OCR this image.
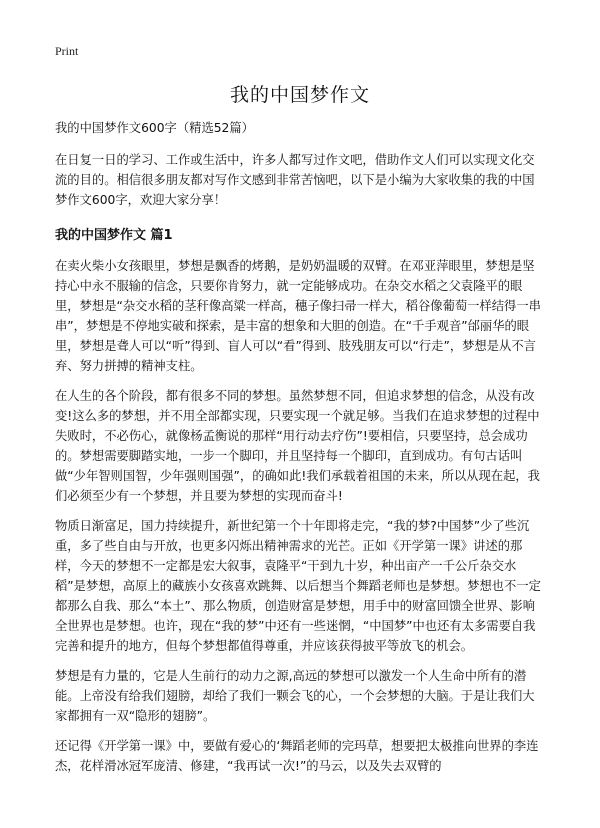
Print
我的中国梦作文

我的中国梦作文600字（精选52篇）

在日复一日的学习、工作或生活中，许多人都写过作文吧，借助作文人们可以实现文化交流的目的。相信很多朋友都对写作文感到非常苦恼吧，以下是小编为大家收集的我的中国梦作文600字，欢迎大家分享！

我的中国梦作文 篇1

在卖火柴小女孩眼里，梦想是飘香的烤鹅，是奶奶温暖的双臂。在邓亚萍眼里，梦想是坚持心中永不服输的信念，只要你肯努力，就一定能够成功。在杂交水稻之父袁隆平的眼里，梦想是“杂交水稻的茎秆像高粱一样高，穗子像扫帚一样大，稻谷像葡萄一样结得一串串”，梦想是不停地实破和探索，是丰富的想象和大胆的创造。在“千手观音”邰丽华的眼里，梦想是聋人可以“听”得到、盲人可以“看”得到、肢残朋友可以“行走”，梦想是从不言弃、努力拼搏的精神支柱。

在人生的各个阶段，都有很多不同的梦想。虽然梦想不同，但追求梦想的信念，从没有改变!这么多的梦想，并不用全部都实现，只要实现一个就足够。当我们在追求梦想的过程中失败时，不必伤心，就像杨孟衡说的那样“用行动去疗伤”!要相信，只要坚持，总会成功的。梦想需要脚踏实地，一步一个脚印，并且坚持每一个脚印，直到成功。有句古话叫做“少年智则国智，少年强则国强”，的确如此!我们承载着祖国的未来，所以从现在起，我们必须至少有一个梦想，并且要为梦想的实现而奋斗!

物质日渐富足，国力持续提升，新世纪第一个十年即将走完，“我的梦?中国梦”少了些沉重，多了些自由与开放，也更多闪烁出精神需求的光芒。正如《开学第一课》讲述的那样，今天的梦想不一定都是宏大叙事，袁隆平“干到九十岁，种出亩产一千公斤杂交水稻”是梦想，高原上的藏族小女孩喜欢跳舞、以后想当个舞蹈老师也是梦想。梦想也不一定都那么自我、那么“本土”、那么物质，创造财富是梦想，用手中的财富回馈全世界、影响全世界也是梦想。也许，现在“我的梦”中还有一些迷惘，“中国梦”中也还有太多需要自我完善和提升的地方，但每个梦想都值得尊重，并应该获得披平等放飞的机会。

梦想是有力量的，它是人生前行的动力之源,高远的梦想可以激发一个人生命中所有的潜能。上帝没有给我们翅膀，却给了我们一颗会飞的心，一个会梦想的大脑。于是让我们大家都拥有一双“隐形的翅膀”。

还记得《开学第一课》中，要做有爱心的‘舞蹈老师的完玛草，想要把太极推向世界的李连杰，花样滑冰冠军庞清、修建，“我再试一次!”的马云，以及失去双臂的
